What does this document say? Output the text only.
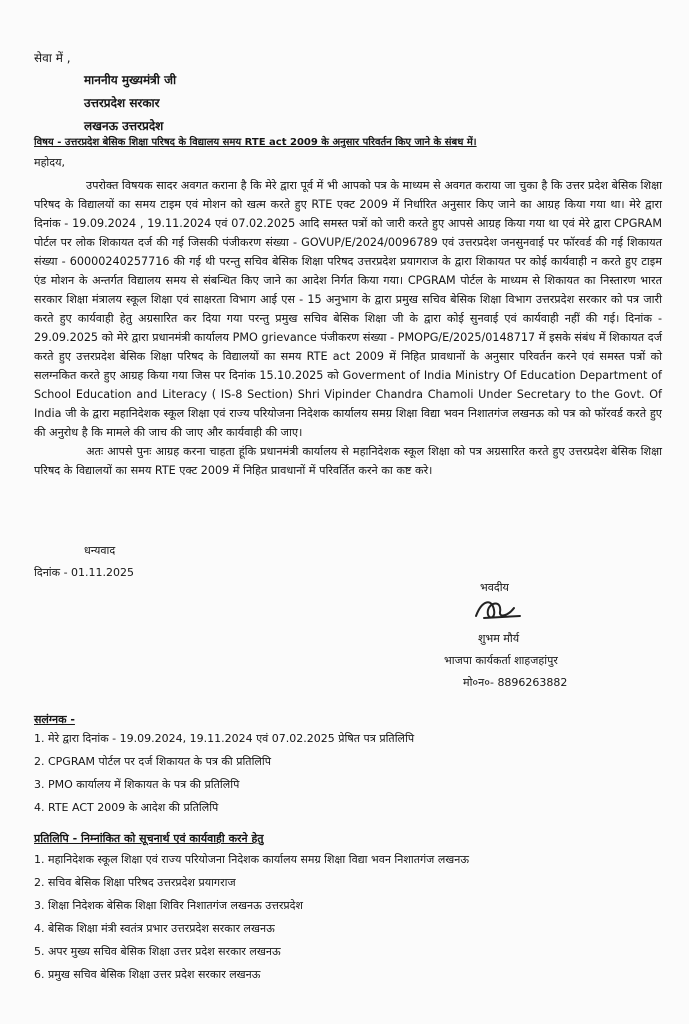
सेवा में ,
माननीय मुख्यमंत्री जी
उत्तरप्रदेश सरकार
लखनऊ उत्तरप्रदेश
विषय - उत्तरप्रदेश बेसिक शिक्षा परिषद के विद्यालय समय RTE act 2009 के अनुसार परिवर्तन किए जाने के संबध में।
महोदय,

उपरोक्त विषयक सादर अवगत कराना है कि मेरे द्वारा पूर्व में भी आपको पत्र के माध्यम से अवगत कराया जा चुका है कि उत्तर प्रदेश बेसिक शिक्षा परिषद के विद्यालयों का समय टाइम एवं मोशन को खत्म करते हुए RTE एक्ट 2009 में निर्धारित अनुसार किए जाने का आग्रह किया गया था। मेरे द्वारा दिनांक - 19.09.2024 , 19.11.2024 एवं 07.02.2025 आदि समस्त पत्रों को जारी करते हुए आपसे आग्रह किया गया था एवं मेरे द्वारा CPGRAM पोर्टल पर लोक शिकायत दर्ज की गई जिसकी पंजीकरण संख्या - GOVUP/E/2024/0096789 एवं उत्तरप्रदेश जनसुनवाई पर फॉरवर्ड की गई शिकायत संख्या - 60000240257716 की गई थी परन्तु सचिव बेसिक शिक्षा परिषद उत्तरप्रदेश प्रयागराज के द्वारा शिकायत पर कोई कार्यवाही न करते हुए टाइम एंड मोशन के अन्तर्गत विद्यालय समय से संबन्धित किए जाने का आदेश निर्गत किया गया। CPGRAM पोर्टल के माध्यम से शिकायत का निस्तारण भारत सरकार शिक्षा मंत्रालय स्कूल शिक्षा एवं साक्षरता विभाग आई एस - 15 अनुभाग के द्वारा प्रमुख सचिव बेसिक शिक्षा विभाग उत्तरप्रदेश सरकार को पत्र जारी करते हुए कार्यवाही हेतु अग्रसारित कर दिया गया परन्तु प्रमुख सचिव बेसिक शिक्षा जी के द्वारा कोई सुनवाई एवं कार्यवाही नहीं की गई। दिनांक - 29.09.2025 को मेरे द्वारा प्रधानमंत्री कार्यालय PMO grievance पंजीकरण संख्या - PMOPG/E/2025/0148717 में इसके संबंध में शिकायत दर्ज करते हुए उत्तरप्रदेश बेसिक शिक्षा परिषद के विद्यालयों का समय RTE act 2009 में निहित प्रावधानों के अनुसार परिवर्तन करने एवं समस्त पत्रों को सलग्नकित करते हुए आग्रह किया गया जिस पर दिनांक 15.10.2025 को Goverment of India Ministry Of Education Department of School Education and Literacy ( IS-8 Section) Shri Vipinder Chandra Chamoli Under Secretary to the Govt. Of India जी के द्वारा महानिदेशक स्कूल शिक्षा एवं राज्य परियोजना निदेशक कार्यालय समग्र शिक्षा विद्या भवन निशातगंज लखनऊ को पत्र को फॉरवर्ड करते हुए की अनुरोध है कि मामले की जाच की जाए और कार्यवाही की जाए।

अतः आपसे पुनः आग्रह करना चाहता हूंकि प्रधानमंत्री कार्यालय से महानिदेशक स्कूल शिक्षा को पत्र अग्रसारित करते हुए उत्तरप्रदेश बेसिक शिक्षा परिषद के विद्यालयों का समय RTE एक्ट 2009 में निहित प्रावधानों में परिवर्तित करने का कष्ट करे।

धन्यवाद
दिनांक - 01.11.2025
भवदीय
शुभम मौर्य
भाजपा कार्यकर्ता शाहजहांपुर
मो०न०- 8896263882
सलंग्नक -
1. मेरे द्वारा दिनांक - 19.09.2024, 19.11.2024 एवं 07.02.2025 प्रेषित पत्र प्रतिलिपि
2. CPGRAM पोर्टल पर दर्ज शिकायत के पत्र की प्रतिलिपि
3. PMO कार्यालय में शिकायत के पत्र की प्रतिलिपि
4. RTE ACT 2009 के आदेश की प्रतिलिपि
प्रतिलिपि - निम्नांकित को सूचनार्थ एवं कार्यवाही करने हेतु
1. महानिदेशक स्कूल शिक्षा एवं राज्य परियोजना निदेशक कार्यालय समग्र शिक्षा विद्या भवन निशातगंज लखनऊ
2. सचिव बेसिक शिक्षा परिषद उत्तरप्रदेश प्रयागराज
3. शिक्षा निदेशक बेसिक शिक्षा शिविर निशातगंज लखनऊ उत्तरप्रदेश
4. बेसिक शिक्षा मंत्री स्वतंत्र प्रभार उत्तरप्रदेश सरकार लखनऊ
5. अपर मुख्य सचिव बेसिक शिक्षा उत्तर प्रदेश सरकार लखनऊ
6. प्रमुख सचिव बेसिक शिक्षा उत्तर प्रदेश सरकार लखनऊ
